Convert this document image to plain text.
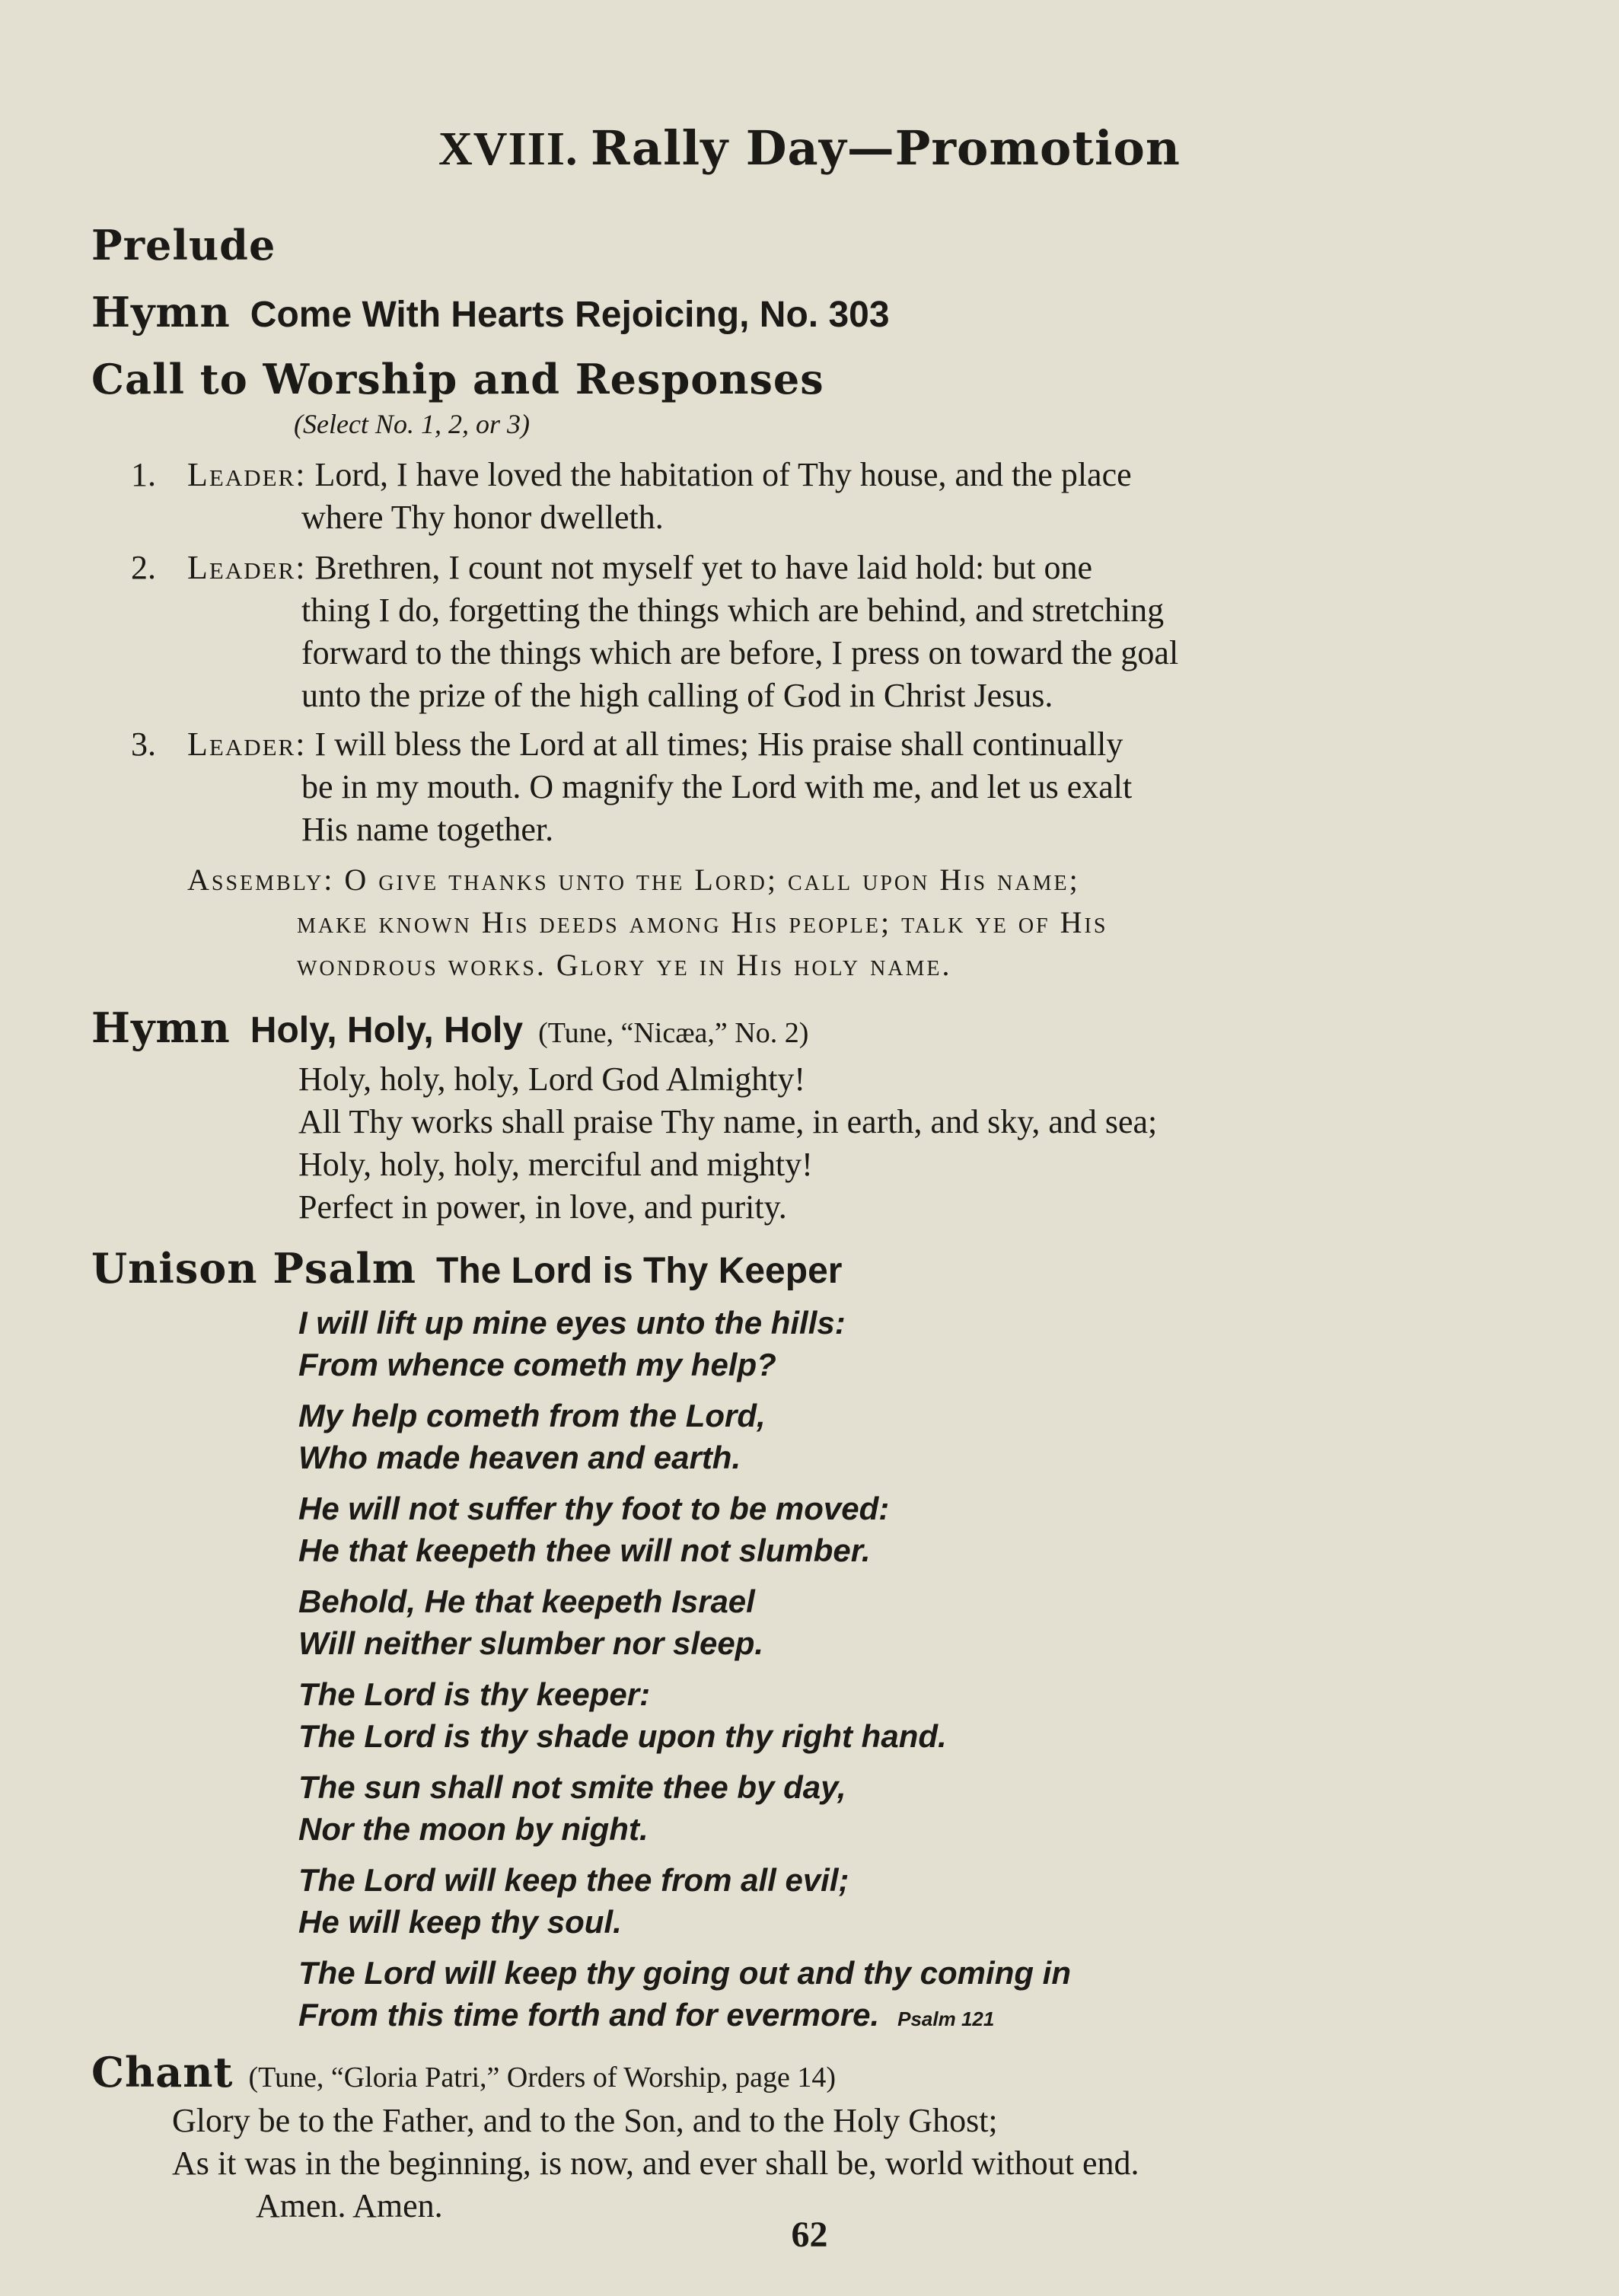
XVIII. Rally Day—Promotion
Prelude
Hymn Come With Hearts Rejoicing, No. 303
Call to Worship and Responses
(Select No. 1, 2, or 3)
1. Leader: Lord, I have loved the habitation of Thy house, and the place
where Thy honor dwelleth.
2. Leader: Brethren, I count not myself yet to have laid hold: but one
thing I do, forgetting the things which are behind, and stretching
forward to the things which are before, I press on toward the goal
unto the prize of the high calling of God in Christ Jesus.
3. Leader: I will bless the Lord at all times; His praise shall continually
be in my mouth. O magnify the Lord with me, and let us exalt
His name together.
Assembly: O give thanks unto the Lord; call upon His name;
make known His deeds among His people; talk ye of His
wondrous works. Glory ye in His holy name.
Hymn Holy, Holy, Holy (Tune, “Nicæa,” No. 2)
Holy, holy, holy, Lord God Almighty!
All Thy works shall praise Thy name, in earth, and sky, and sea;
Holy, holy, holy, merciful and mighty!
Perfect in power, in love, and purity.
Unison Psalm The Lord is Thy Keeper
I will lift up mine eyes unto the hills:
From whence cometh my help?
My help cometh from the Lord,
Who made heaven and earth.
He will not suffer thy foot to be moved:
He that keepeth thee will not slumber.
Behold, He that keepeth Israel
Will neither slumber nor sleep.
The Lord is thy keeper:
The Lord is thy shade upon thy right hand.
The sun shall not smite thee by day,
Nor the moon by night.
The Lord will keep thee from all evil;
He will keep thy soul.
The Lord will keep thy going out and thy coming in
From this time forth and for evermore. Psalm 121
Chant (Tune, “Gloria Patri,” Orders of Worship, page 14)
Glory be to the Father, and to the Son, and to the Holy Ghost;
As it was in the beginning, is now, and ever shall be, world without end.
Amen. Amen.
62
